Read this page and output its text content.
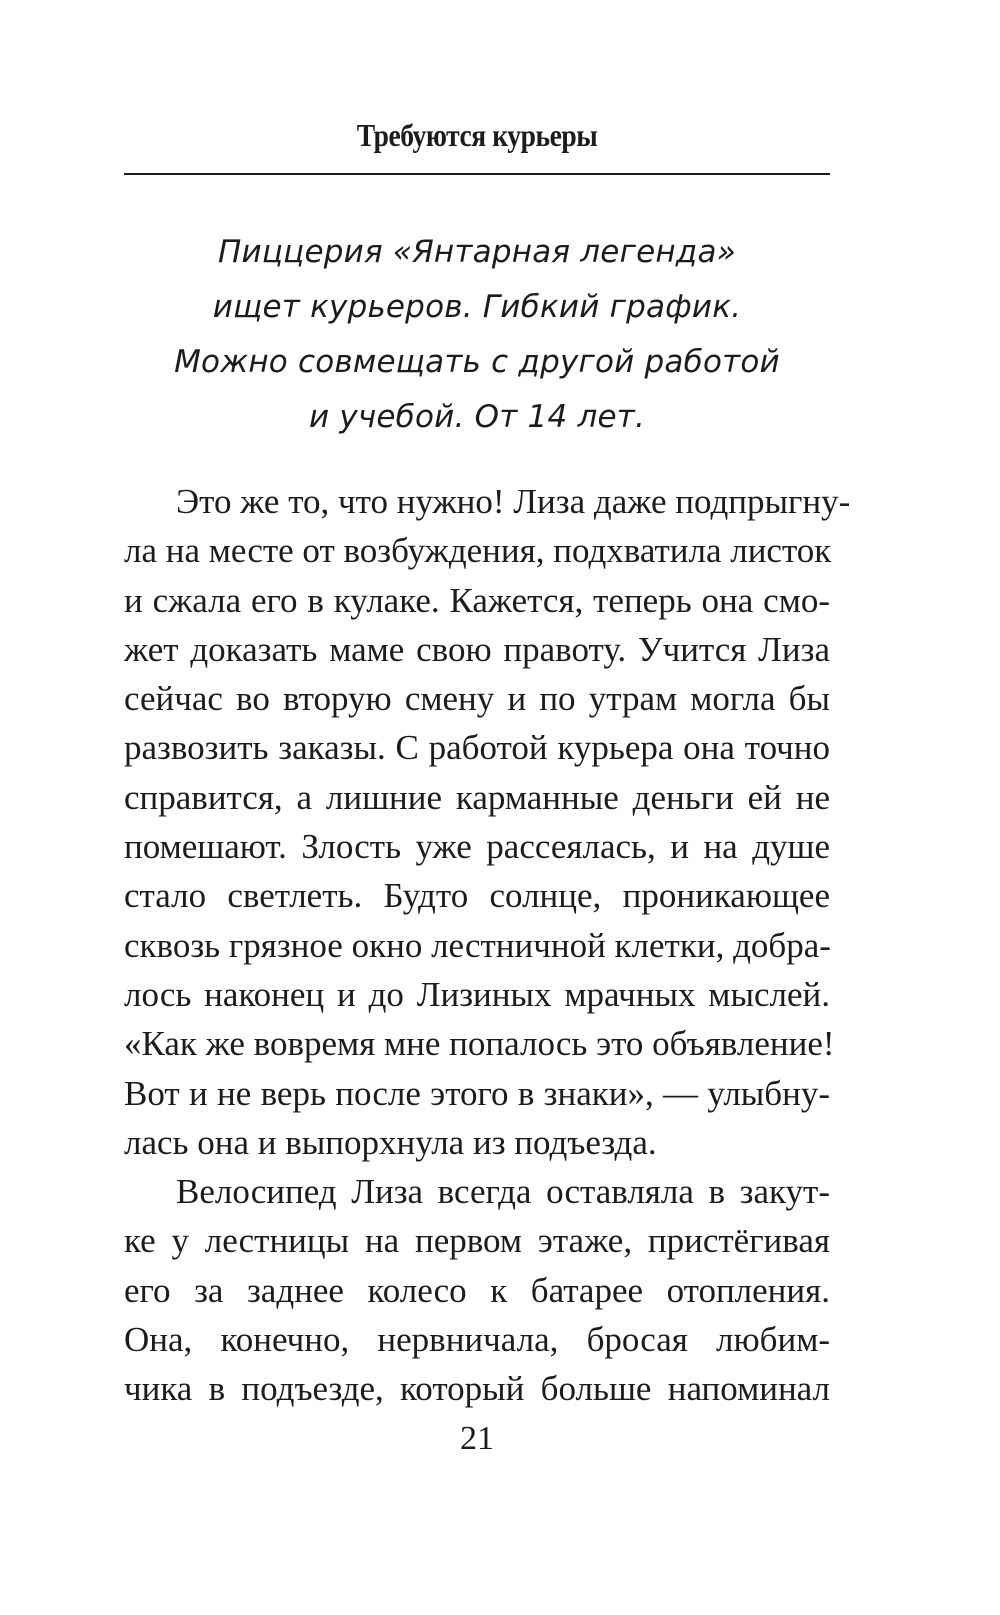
Требуются курьеры
Пиццерия «Янтарная легенда»
ищет курьеров. Гибкий график.
Можно совмещать с другой работой
и учебой. От 14 лет.
Это же то, что нужно! Лиза даже подпрыгну-
ла на месте от возбуждения, подхватила листок
и сжала его в кулаке. Кажется, теперь она смо-
жет доказать маме свою правоту. Учится Лиза
сейчас во вторую смену и по утрам могла бы
развозить заказы. С работой курьера она точно
справится, а лишние карманные деньги ей не
помешают. Злость уже рассеялась, и на душе
стало светлеть. Будто солнце, проникающее
сквозь грязное окно лестничной клетки, добра-
лось наконец и до Лизиных мрачных мыслей.
«Как же вовремя мне попалось это объявление!
Вот и не верь после этого в знаки», — улыбну-
лась она и выпорхнула из подъезда.
Велосипед Лиза всегда оставляла в закут-
ке у лестницы на первом этаже, пристёгивая
его за заднее колесо к батарее отопления.
Она, конечно, нервничала, бросая любим-
чика в подъезде, который больше напоминал
21
